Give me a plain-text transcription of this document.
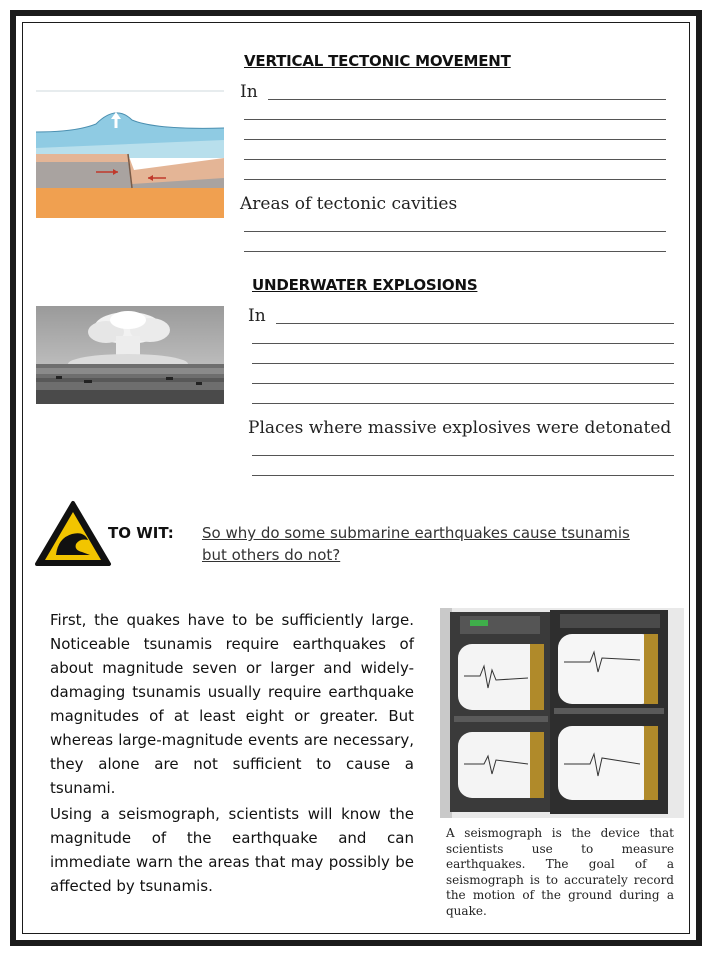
VERTICAL TECTONIC MOVEMENT
In
Areas of tectonic cavities
UNDERWATER EXPLOSIONS
In
Places where massive explosives were detonated
TO WIT: So why do some submarine earthquakes cause tsunamis
but others do not?
First, the quakes have to be sufficiently large. Noticeable tsunamis require earthquakes of about magnitude seven or larger and widely-damaging tsunamis usually require earthquake magnitudes of at least eight or greater. But whereas large-magnitude events are necessary, they alone are not sufficient to cause a tsunami.
Using a seismograph, scientists will know the magnitude of the earthquake and can immediate warn the areas that may possibly be affected by tsunamis.
A seismograph is the device that scientists use to measure earthquakes. The goal of a seismograph is to accurately record the motion of the ground during a quake.
